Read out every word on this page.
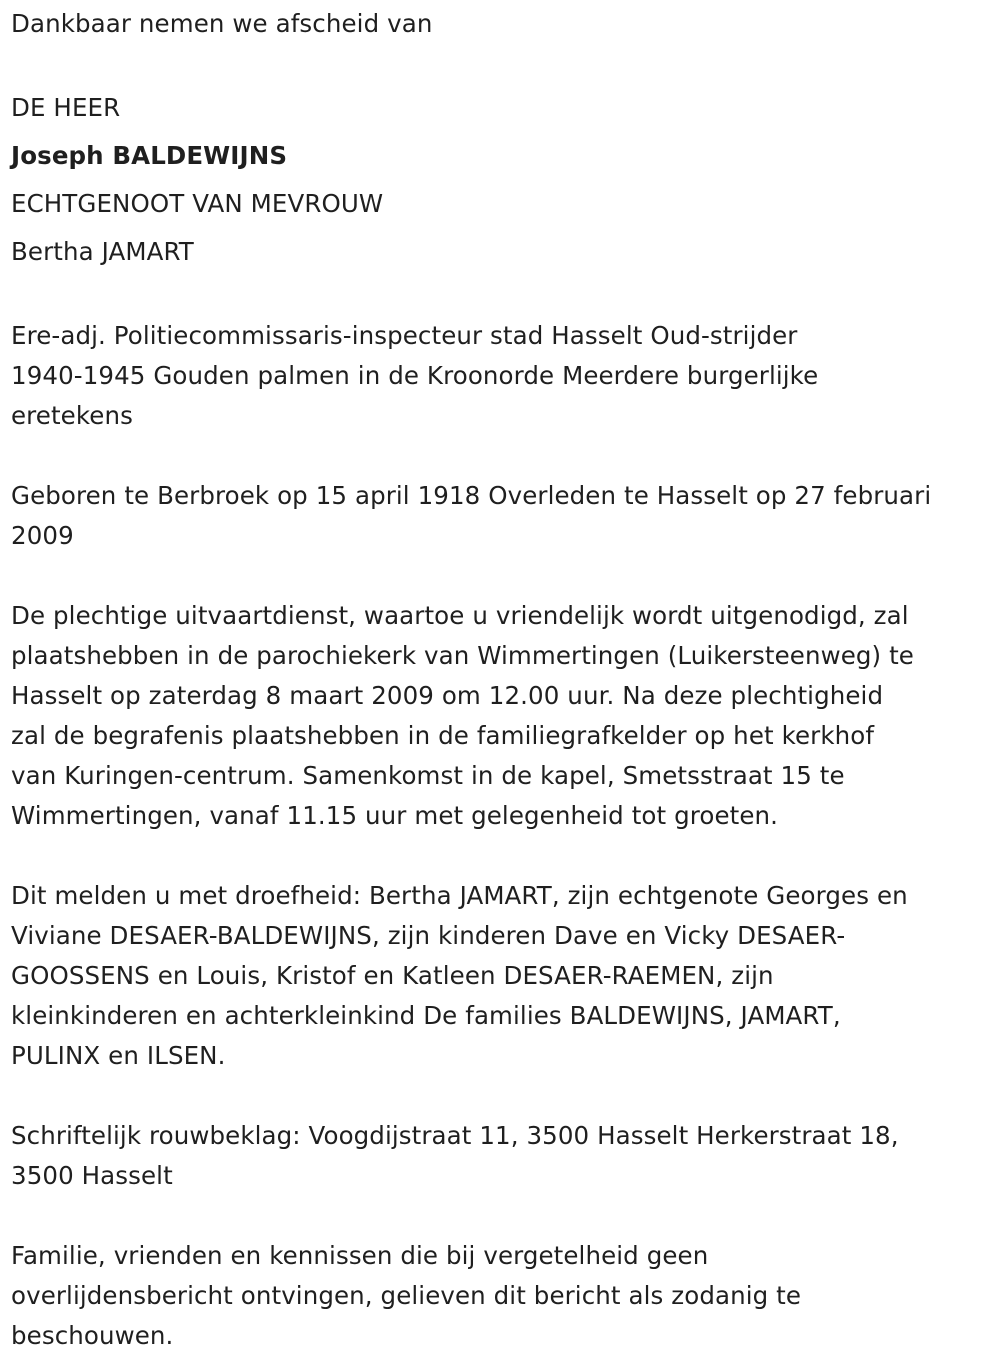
Dankbaar nemen we afscheid van

DE HEER

Joseph BALDEWIJNS

ECHTGENOOT VAN MEVROUW

Bertha JAMART

Ere-adj. Politiecommissaris-inspecteur stad Hasselt Oud-strijder

1940-1945 Gouden palmen in de Kroonorde Meerdere burgerlijke

eretekens

Geboren te Berbroek op 15 april 1918 Overleden te Hasselt op 27 februari

2009

De plechtige uitvaartdienst, waartoe u vriendelijk wordt uitgenodigd, zal

plaatshebben in de parochiekerk van Wimmertingen (Luikersteenweg) te

Hasselt op zaterdag 8 maart 2009 om 12.00 uur. Na deze plechtigheid

zal de begrafenis plaatshebben in de familiegrafkelder op het kerkhof

van Kuringen-centrum. Samenkomst in de kapel, Smetsstraat 15 te

Wimmertingen, vanaf 11.15 uur met gelegenheid tot groeten.

Dit melden u met droefheid: Bertha JAMART, zijn echtgenote Georges en

Viviane DESAER-BALDEWIJNS, zijn kinderen Dave en Vicky DESAER-

GOOSSENS en Louis, Kristof en Katleen DESAER-RAEMEN, zijn

kleinkinderen en achterkleinkind De families BALDEWIJNS, JAMART,

PULINX en ILSEN.

Schriftelijk rouwbeklag: Voogdijstraat 11, 3500 Hasselt Herkerstraat 18,

3500 Hasselt

Familie, vrienden en kennissen die bij vergetelheid geen

overlijdensbericht ontvingen, gelieven dit bericht als zodanig te

beschouwen.
